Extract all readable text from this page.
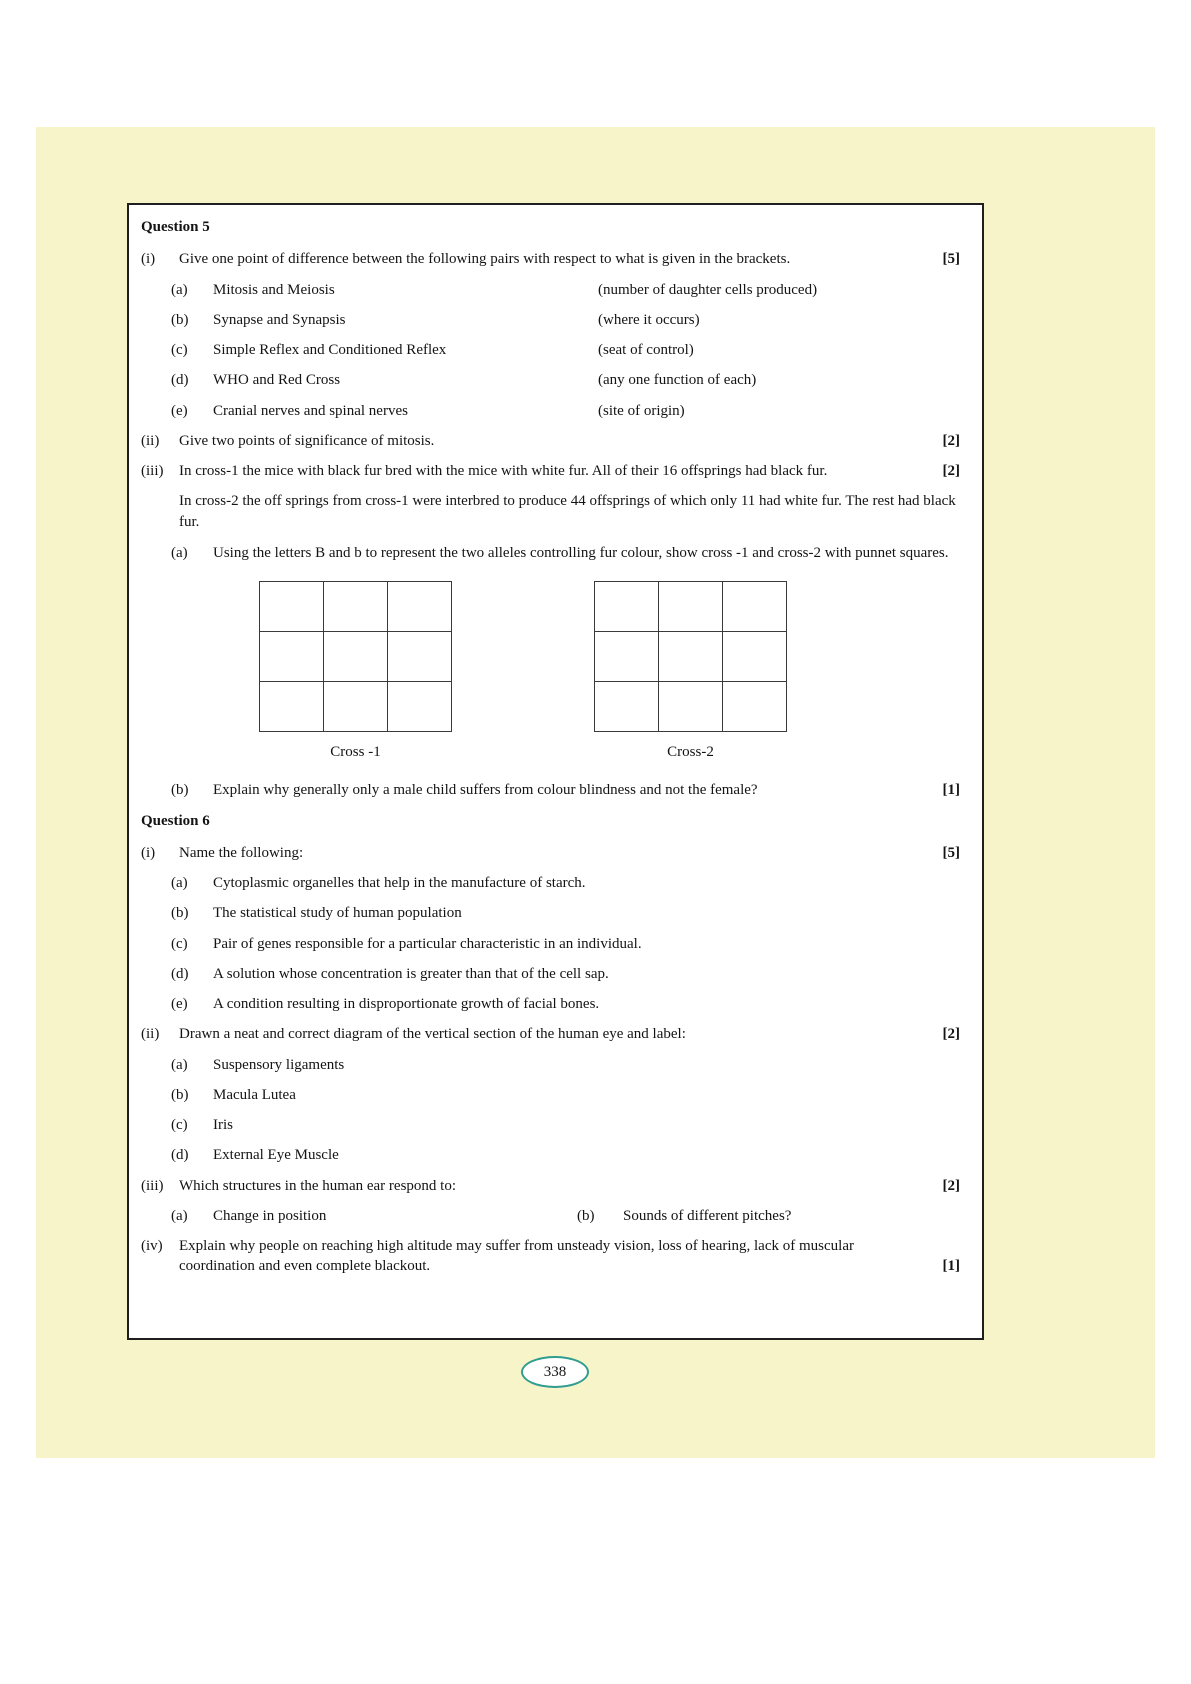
Question 5
(i)	Give one point of difference between the following pairs with respect to what is given in the brackets.	[5]
(a)	Mitosis and Meiosis	(number of daughter cells produced)
(b)	Synapse and Synapsis	(where it occurs)
(c)	Simple Reflex and Conditioned Reflex	(seat of control)
(d)	WHO and Red Cross	(any one function of each)
(e)	Cranial nerves and spinal nerves	(site of origin)
(ii)	Give two points of significance of mitosis.	[2]
(iii)	In cross-1 the mice with black fur bred with the mice with white fur. All of their 16 offsprings had black fur.	[2]
In cross-2 the off springs from cross-1 were interbred to produce 44 offsprings of which only 11 had white fur. The rest had black fur.
(a)	Using the letters B and b to represent the two alleles controlling fur colour, show cross -1 and cross-2 with punnet squares.
Cross -1	Cross-2
(b)	Explain why generally only a male child suffers from colour blindness and not the female?	[1]
Question 6
(i)	Name the following:	[5]
(a)	Cytoplasmic organelles that help in the manufacture of starch.
(b)	The statistical study of human population
(c)	Pair of genes responsible for a particular characteristic in an individual.
(d)	A solution whose concentration is greater than that of the cell sap.
(e)	A condition resulting in disproportionate growth of facial bones.
(ii)	Drawn a neat and correct diagram of the vertical section of the human eye and label:	[2]
(a)	Suspensory ligaments
(b)	Macula Lutea
(c)	Iris
(d)	External Eye Muscle
(iii)	Which structures in the human ear respond to:	[2]
(a)	Change in position	(b)	Sounds of different pitches?
(iv)	Explain why people on reaching high altitude may suffer from unsteady vision, loss of hearing, lack of muscular coordination and even complete blackout.	[1]
338
